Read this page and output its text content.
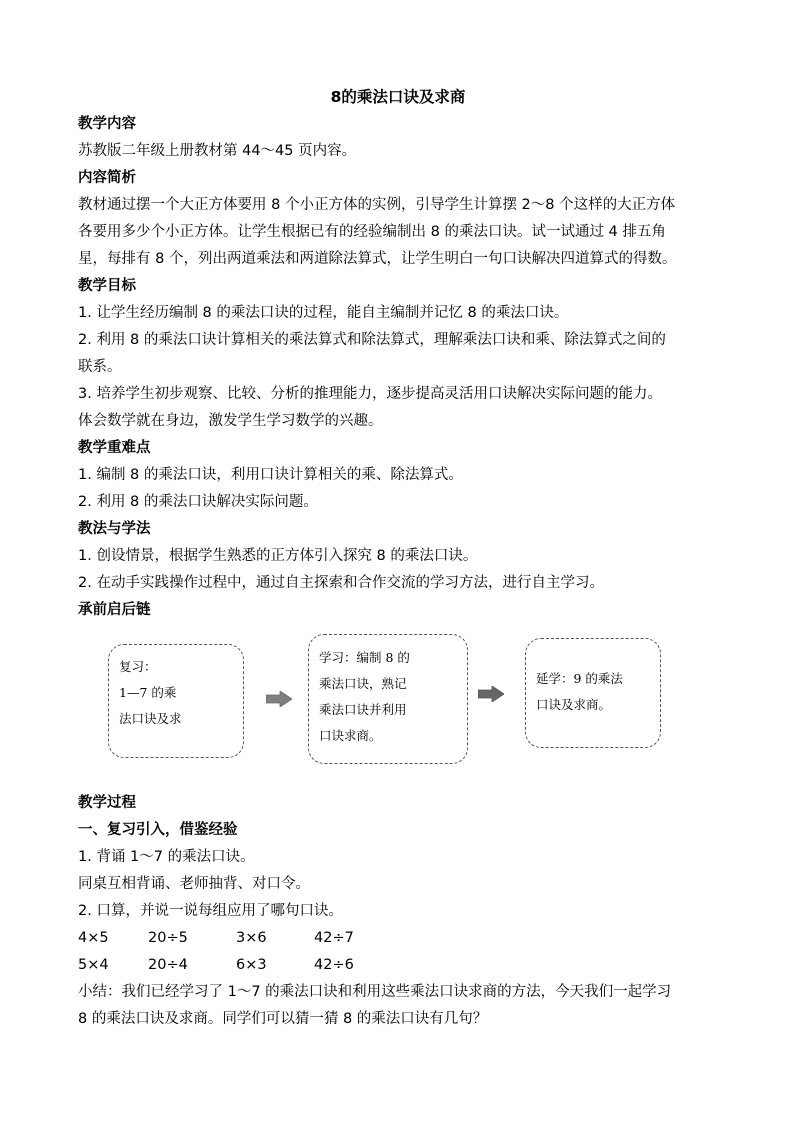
8的乘法口诀及求商
教学内容
苏教版二年级上册教材第 44～45 页内容。
内容简析
教材通过摆一个大正方体要用 8 个小正方体的实例，引导学生计算摆 2～8 个这样的大正方体
各要用多少个小正方体。让学生根据已有的经验编制出 8 的乘法口诀。试一试通过 4 排五角
星，每排有 8 个，列出两道乘法和两道除法算式，让学生明白一句口诀解决四道算式的得数。
教学目标
1. 让学生经历编制 8 的乘法口诀的过程，能自主编制并记忆 8 的乘法口诀。
2. 利用 8 的乘法口诀计算相关的乘法算式和除法算式，理解乘法口诀和乘、除法算式之间的
联系。
3. 培养学生初步观察、比较、分析的推理能力，逐步提高灵活用口诀解决实际问题的能力。
体会数学就在身边，激发学生学习数学的兴趣。
教学重难点
1. 编制 8 的乘法口诀，利用口诀计算相关的乘、除法算式。
2. 利用 8 的乘法口诀解决实际问题。
教法与学法
1. 创设情景，根据学生熟悉的正方体引入探究 8 的乘法口诀。
2. 在动手实践操作过程中，通过自主探索和合作交流的学习方法，进行自主学习。
承前启后链
复习：
1—7 的乘
法口诀及求
学习：编制 8 的
乘法口诀，熟记
乘法口诀并利用
口诀求商。
延学：9 的乘法
口诀及求商。
教学过程
一、复习引入，借鉴经验
1. 背诵 1～7 的乘法口诀。
同桌互相背诵、老师抽背、对口令。
2. 口算，并说一说每组应用了哪句口诀。
4×5	20÷5	3×6	42÷7
5×4	20÷4	6×3	42÷6
小结：我们已经学习了 1～7 的乘法口诀和利用这些乘法口诀求商的方法，今天我们一起学习
8 的乘法口诀及求商。同学们可以猜一猜 8 的乘法口诀有几句？
